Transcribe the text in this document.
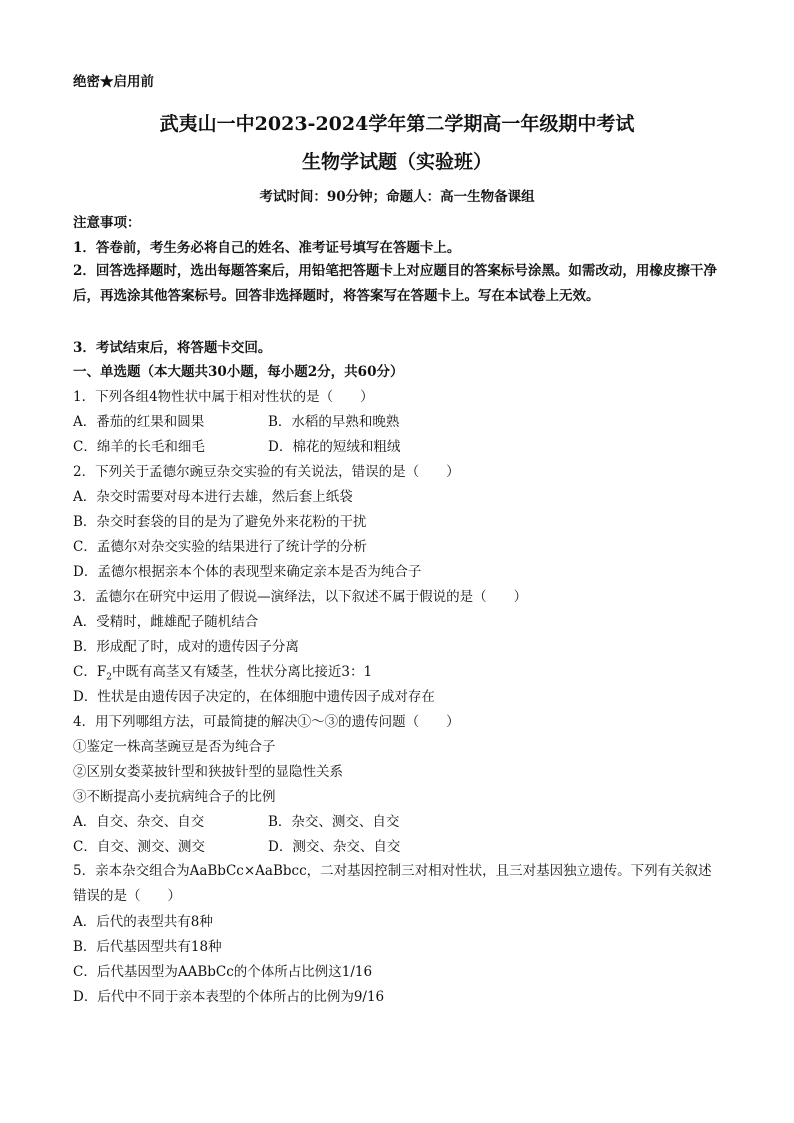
绝密★启用前
武夷山一中2023-2024学年第二学期高一年级期中考试
生物学试题（实验班）
考试时间：90分钟；命题人：高一生物备课组
注意事项：
1．答卷前，考生务必将自己的姓名、准考证号填写在答题卡上。
2．回答选择题时，选出每题答案后，用铅笔把答题卡上对应题目的答案标号涂黑。如需改动，用橡皮擦干净后，再选涂其他答案标号。回答非选择题时，将答案写在答题卡上。写在本试卷上无效。
3．考试结束后，将答题卡交回。
一、单选题（本大题共30小题，每小题2分，共60分）
1．下列各组4物性状中属于相对性状的是（　　）
A．番茄的红果和圆果	B．水稻的早熟和晚熟
C．绵羊的长毛和细毛	D．棉花的短绒和粗绒
2．下列关于孟德尔豌豆杂交实验的有关说法，错误的是（　　）
A．杂交时需要对母本进行去雄，然后套上纸袋
B．杂交时套袋的目的是为了避免外来花粉的干扰
C．孟德尔对杂交实验的结果进行了统计学的分析
D．孟德尔根据亲本个体的表现型来确定亲本是否为纯合子
3．孟德尔在研究中运用了假说—演绎法，以下叙述不属于假说的是（　　）
A．受精时，雌雄配子随机结合
B．形成配了时，成对的遗传因子分离
C．$F_2$中既有高茎又有矮茎，性状分离比接近3：1
D．性状是由遗传因子决定的，在体细胞中遗传因子成对存在
4．用下列哪组方法，可最简捷的解决①～③的遗传问题（　　）
①鉴定一株高茎豌豆是否为纯合子
②区别女娄菜披针型和狭披针型的显隐性关系
③不断提高小麦抗病纯合子的比例
A．自交、杂交、自交	B．杂交、测交、自交
C．自交、测交、测交	D．测交、杂交、自交
5．亲本杂交组合为AaBbCc×AaBbcc，二对基因控制三对相对性状，且三对基因独立遗传。下列有关叙述错误的是（　　）
A．后代的表型共有8种
B．后代基因型共有18种
C．后代基因型为AABbCc的个体所占比例这1/16
D．后代中不同于亲本表型的个体所占的比例为9/16
